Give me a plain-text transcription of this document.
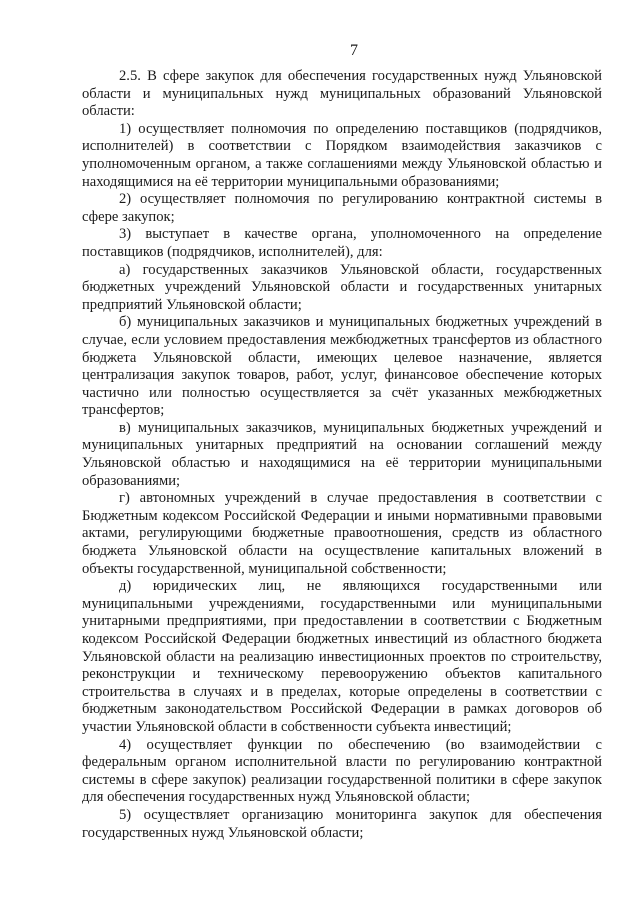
7

2.5. В сфере закупок для обеспечения государственных нужд Ульяновской области и муниципальных нужд муниципальных образований Ульяновской области:

1) осуществляет полномочия по определению поставщиков (подрядчиков, исполнителей) в соответствии с Порядком взаимодействия заказчиков с уполномоченным органом, а также соглашениями между Ульяновской областью и находящимися на её территории муниципальными образованиями;

2) осуществляет полномочия по регулированию контрактной системы в сфере закупок;

3) выступает в качестве органа, уполномоченного на определение поставщиков (подрядчиков, исполнителей), для:

а) государственных заказчиков Ульяновской области, государственных бюджетных учреждений Ульяновской области и государственных унитарных предприятий Ульяновской области;

б) муниципальных заказчиков и муниципальных бюджетных учреждений в случае, если условием предоставления межбюджетных трансфертов из областного бюджета Ульяновской области, имеющих целевое назначение, является централизация закупок товаров, работ, услуг, финансовое обеспечение которых частично или полностью осуществляется за счёт указанных межбюджетных трансфертов;

в) муниципальных заказчиков, муниципальных бюджетных учреждений и муниципальных унитарных предприятий на основании соглашений между Ульяновской областью и находящимися на её территории муниципальными образованиями;

г) автономных учреждений в случае предоставления в соответствии с Бюджетным кодексом Российской Федерации и иными нормативными правовыми актами, регулирующими бюджетные правоотношения, средств из областного бюджета Ульяновской области на осуществление капитальных вложений в объекты государственной, муниципальной собственности;

д) юридических лиц, не являющихся государственными или муниципальными учреждениями, государственными или муниципальными унитарными предприятиями, при предоставлении в соответствии с Бюджетным кодексом Российской Федерации бюджетных инвестиций из областного бюджета Ульяновской области на реализацию инвестиционных проектов по строительству, реконструкции и техническому перевооружению объектов капитального строительства в случаях и в пределах, которые определены в соответствии с бюджетным законодательством Российской Федерации в рамках договоров об участии Ульяновской области в собственности субъекта инвестиций;

4) осуществляет функции по обеспечению (во взаимодействии с федеральным органом исполнительной власти по регулированию контрактной системы в сфере закупок) реализации государственной политики в сфере закупок для обеспечения государственных нужд Ульяновской области;

5) осуществляет организацию мониторинга закупок для обеспечения государственных нужд Ульяновской области;
